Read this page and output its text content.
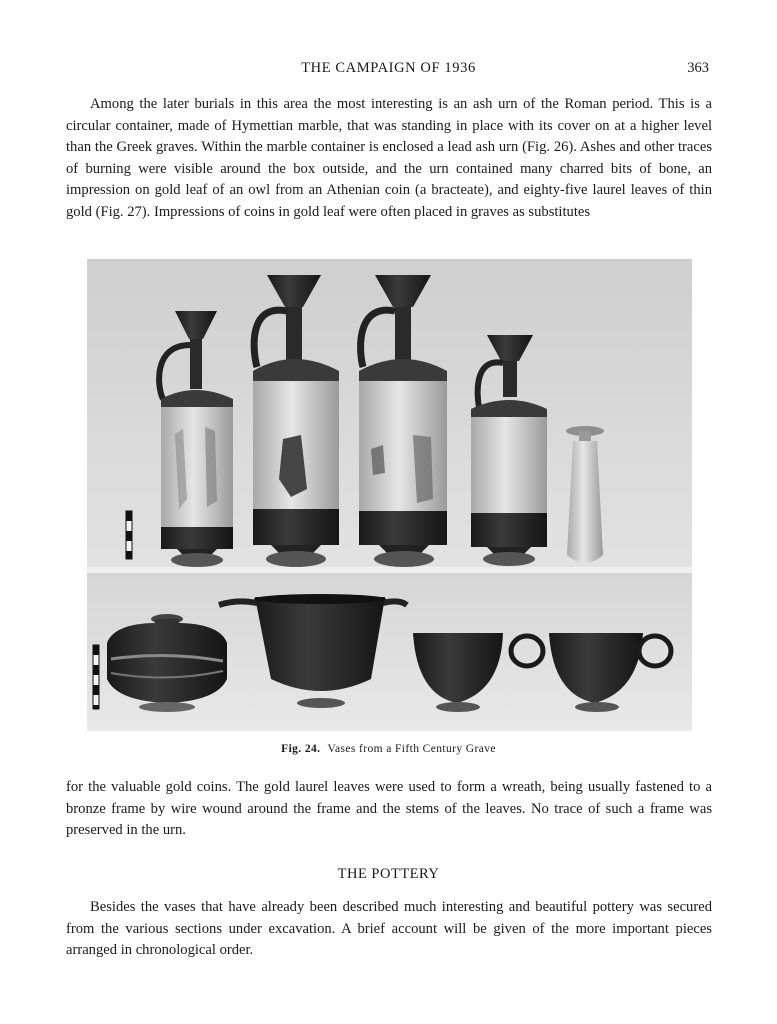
THE CAMPAIGN OF 1936	363

Among the later burials in this area the most interesting is an ash urn of the Roman period. This is a circular container, made of Hymettian marble, that was standing in place with its cover on at a higher level than the Greek graves. Within the marble container is enclosed a lead ash urn (Fig. 26). Ashes and other traces of burning were visible around the box outside, and the urn contained many charred bits of bone, an impression on gold leaf of an owl from an Athenian coin (a bracteate), and eighty-five laurel leaves of thin gold (Fig. 27). Impressions of coins in gold leaf were often placed in graves as substitutes

Fig. 24. Vases from a Fifth Century Grave

for the valuable gold coins. The gold laurel leaves were used to form a wreath, being usually fastened to a bronze frame by wire wound around the frame and the stems of the leaves. No trace of such a frame was preserved in the urn.

THE POTTERY

Besides the vases that have already been described much interesting and beautiful pottery was secured from the various sections under excavation. A brief account will be given of the more important pieces arranged in chronological order.
